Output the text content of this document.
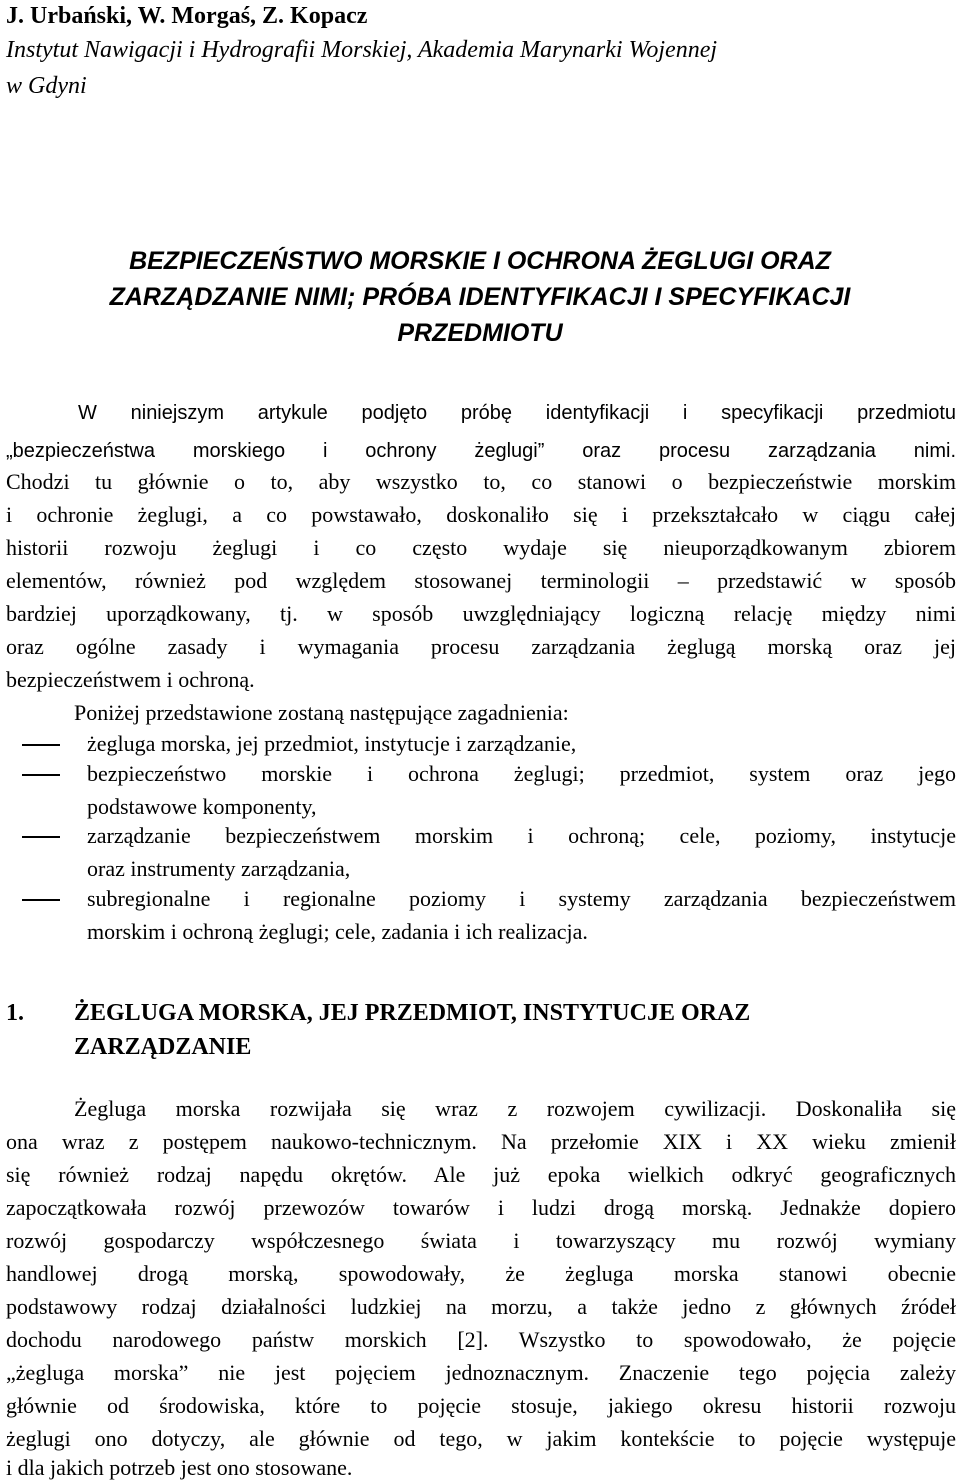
J. Urbański, W. Morgaś, Z. Kopacz
Instytut Nawigacji i Hydrografii Morskiej, Akademia Marynarki Wojennej
w Gdyni
BEZPIECZEŃSTWO MORSKIE I OCHRONA ŻEGLUGI ORAZ
ZARZĄDZANIE NIMI; PRÓBA IDENTYFIKACJI I SPECYFIKACJI
PRZEDMIOTU
W niniejszym artykule podjęto próbę identyfikacji i specyfikacji przedmiotu
„bezpieczeństwa morskiego i ochrony żeglugi” oraz procesu zarządzania nimi.
Chodzi tu głównie o to, aby wszystko to, co stanowi o bezpieczeństwie morskim
i ochronie żeglugi, a co powstawało, doskonaliło się i przekształcało w ciągu całej
historii rozwoju żeglugi i co często wydaje się nieuporządkowanym zbiorem
elementów, również pod względem stosowanej terminologii – przedstawić w sposób
bardziej uporządkowany, tj. w sposób uwzględniający logiczną relację między nimi
oraz ogólne zasady i wymagania procesu zarządzania żeglugą morską oraz jej
bezpieczeństwem i ochroną.
Poniżej przedstawione zostaną następujące zagadnienia:
żegluga morska, jej przedmiot, instytucje i zarządzanie,
bezpieczeństwo morskie i ochrona żeglugi; przedmiot, system oraz jego
podstawowe komponenty,
zarządzanie bezpieczeństwem morskim i ochroną; cele, poziomy, instytucje
oraz instrumenty zarządzania,
subregionalne i regionalne poziomy i systemy zarządzania bezpieczeństwem
morskim i ochroną żeglugi; cele, zadania i ich realizacja.
1.	ŻEGLUGA MORSKA, JEJ PRZEDMIOT, INSTYTUCJE ORAZ
ZARZĄDZANIE
Żegluga morska rozwijała się wraz z rozwojem cywilizacji. Doskonaliła się
ona wraz z postępem naukowo-technicznym. Na przełomie XIX i XX wieku zmienił
się również rodzaj napędu okrętów. Ale już epoka wielkich odkryć geograficznych
zapoczątkowała rozwój przewozów towarów i ludzi drogą morską. Jednakże dopiero
rozwój gospodarczy współczesnego świata i towarzyszący mu rozwój wymiany
handlowej drogą morską, spowodowały, że żegluga morska stanowi obecnie
podstawowy rodzaj działalności ludzkiej na morzu, a także jedno z głównych źródeł
dochodu narodowego państw morskich [2]. Wszystko to spowodowało, że pojęcie
„żegluga morska” nie jest pojęciem jednoznacznym. Znaczenie tego pojęcia zależy
głównie od środowiska, które to pojęcie stosuje, jakiego okresu historii rozwoju
żeglugi ono dotyczy, ale głównie od tego, w jakim kontekście to pojęcie występuje
i dla jakich potrzeb jest ono stosowane.
